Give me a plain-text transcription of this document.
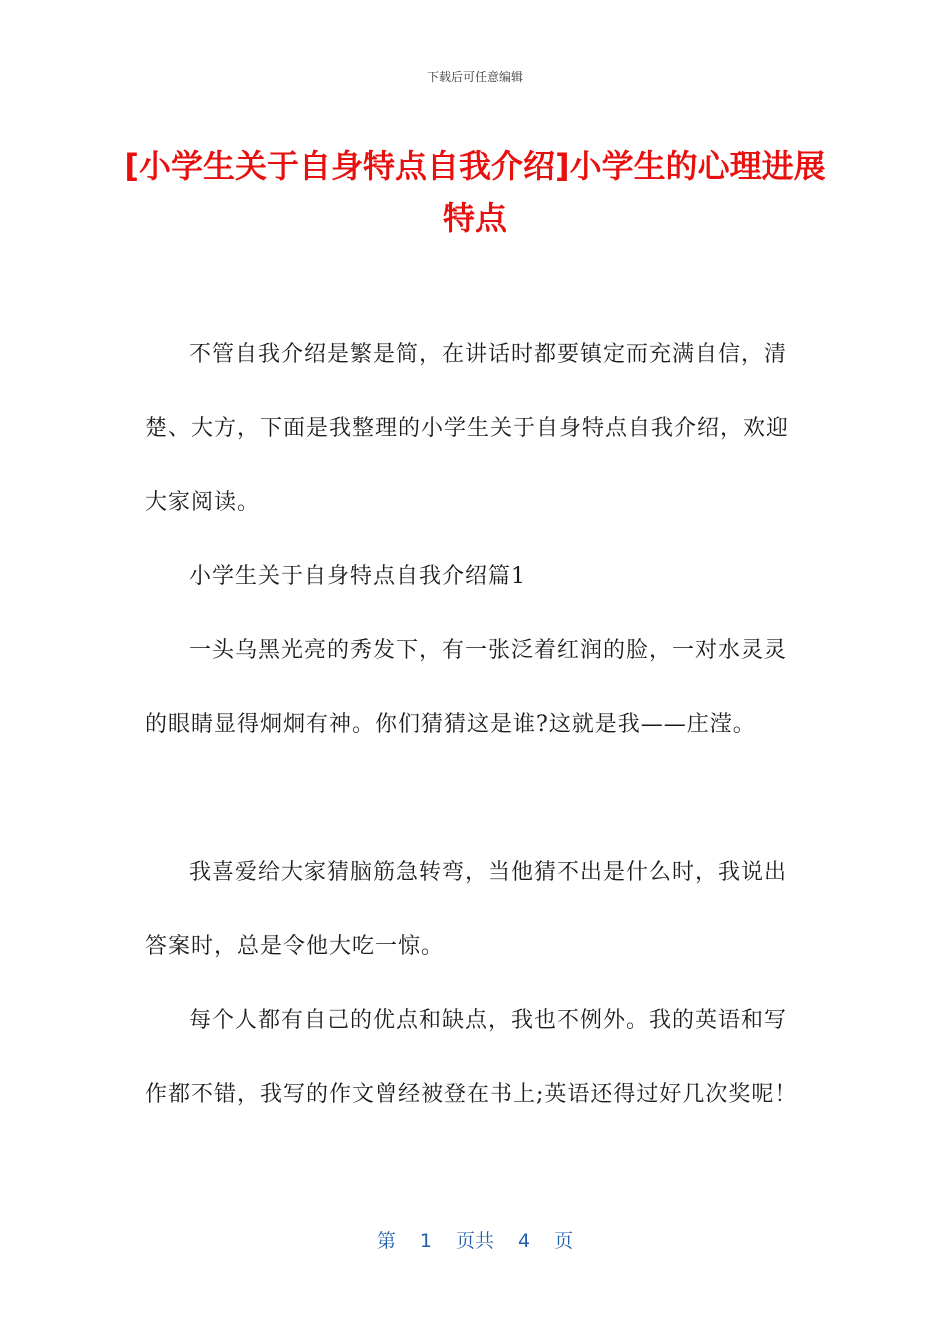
下载后可任意编辑
[小学生关于自身特点自我介绍]小学生的心理进展特点

不管自我介绍是繁是简，在讲话时都要镇定而充满自信，清楚、大方，下面是我整理的小学生关于自身特点自我介绍，欢迎大家阅读。

小学生关于自身特点自我介绍篇1

一头乌黑光亮的秀发下，有一张泛着红润的脸，一对水灵灵的眼睛显得炯炯有神。你们猜猜这是谁?这就是我——庄滢。

我喜爱给大家猜脑筋急转弯，当他猜不出是什么时，我说出答案时，总是令他大吃一惊。

每个人都有自己的优点和缺点，我也不例外。我的英语和写作都不错，我写的作文曾经被登在书上;英语还得过好几次奖呢！

第 1 页共 4 页
